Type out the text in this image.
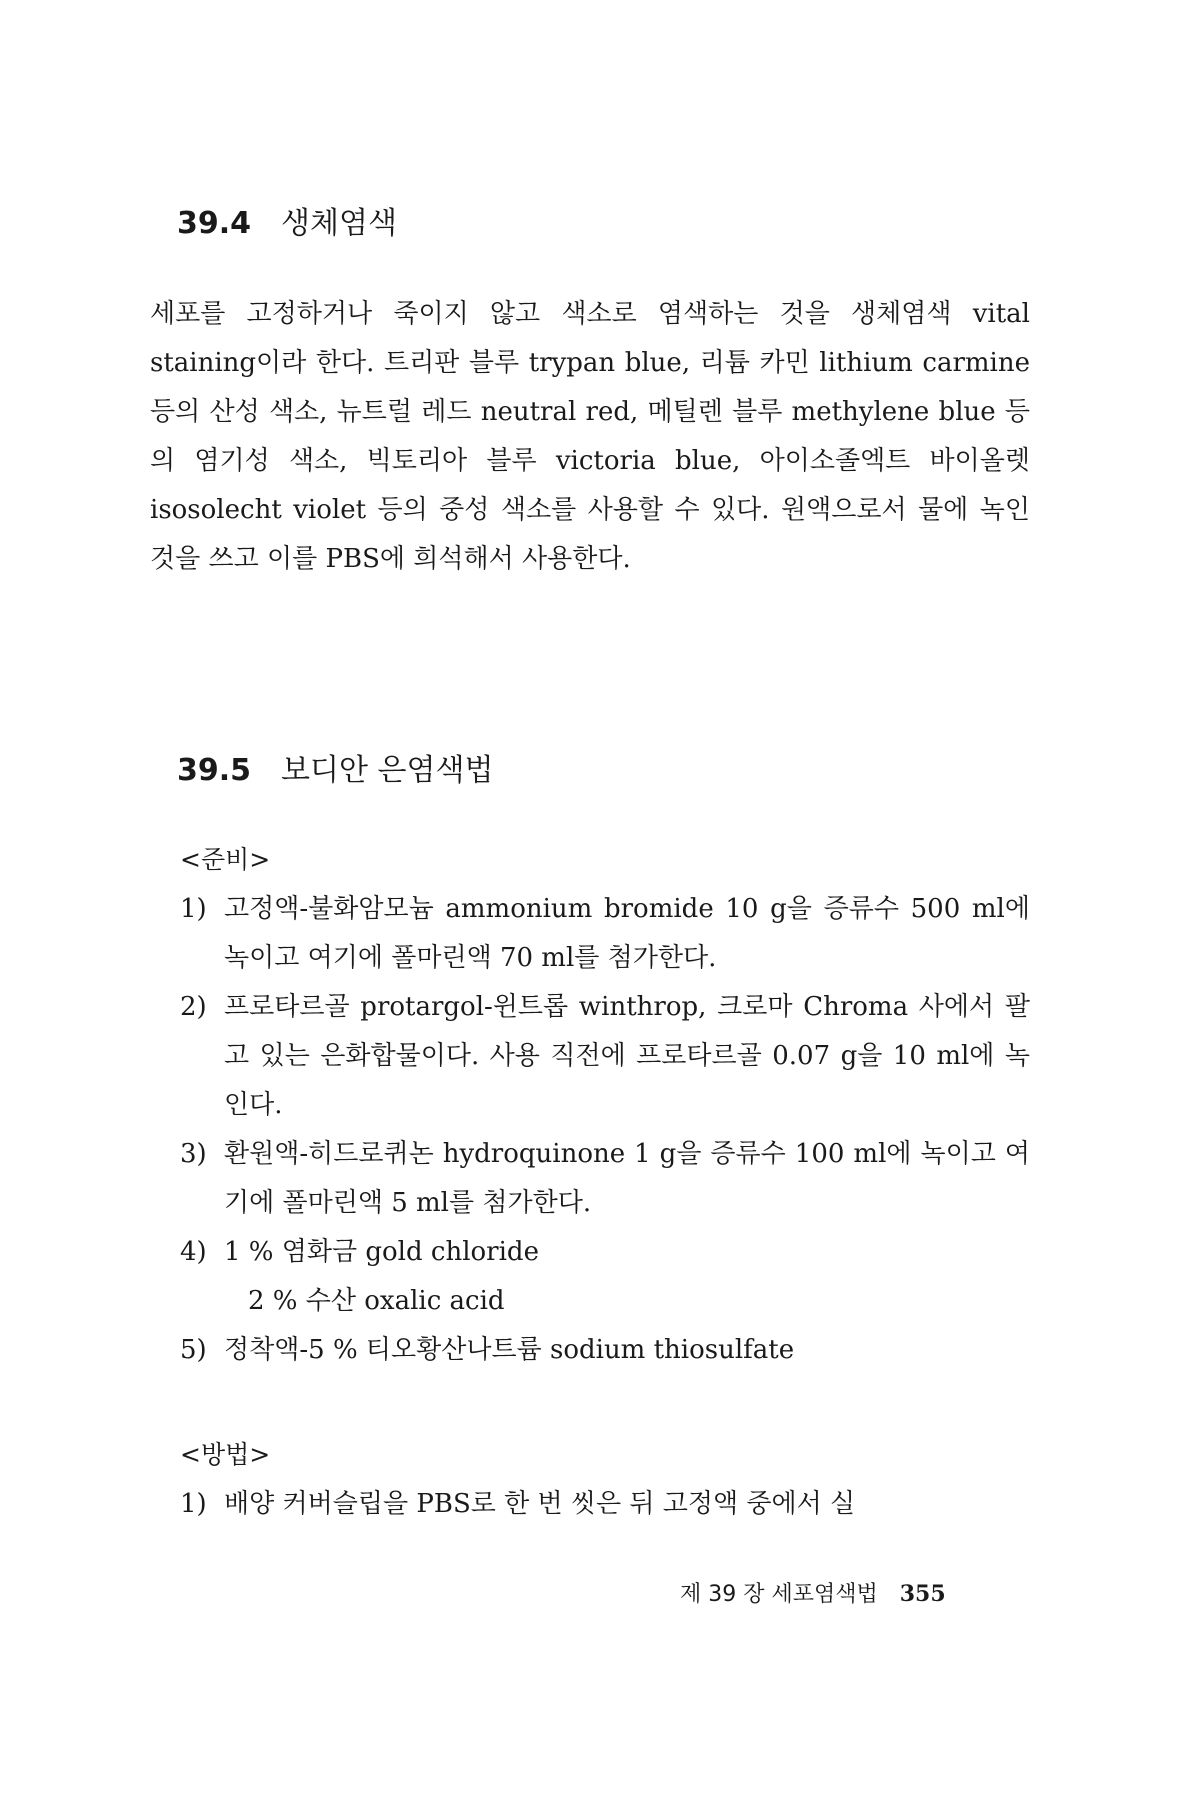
39.4 생체염색

세포를 고정하거나 죽이지 않고 색소로 염색하는 것을 생체염색 vital staining이라 한다. 트리판 블루 trypan blue, 리튬 카민 lithium carmine 등의 산성 색소, 뉴트럴 레드 neutral red, 메틸렌 블루 methylene blue 등의 염기성 색소, 빅토리아 블루 victoria blue, 아이소졸엑트 바이올렛 isosolecht violet 등의 중성 색소를 사용할 수 있다. 원액으로서 물에 녹인 것을 쓰고 이를 PBS에 희석해서 사용한다.

39.5 보디안 은염색법

<준비>

1) 고정액-불화암모늄 ammonium bromide 10 g을 증류수 500 ml에 녹이고 여기에 폴마린액 70 ml를 첨가한다.
2) 프로타르골 protargol-윈트롭 winthrop, 크로마 Chroma 사에서 팔고 있는 은화합물이다. 사용 직전에 프로타르골 0.07 g을 10 ml에 녹인다.
3) 환원액-히드로퀴논 hydroquinone 1 g을 증류수 100 ml에 녹이고 여기에 폴마린액 5 ml를 첨가한다.
4) 1 % 염화금 gold chloride
2 % 수산 oxalic acid
5) 정착액-5 % 티오황산나트륨 sodium thiosulfate

<방법>

1) 배양 커버슬립을 PBS로 한 번 씻은 뒤 고정액 중에서 실
제 39 장 세포염색법 355
